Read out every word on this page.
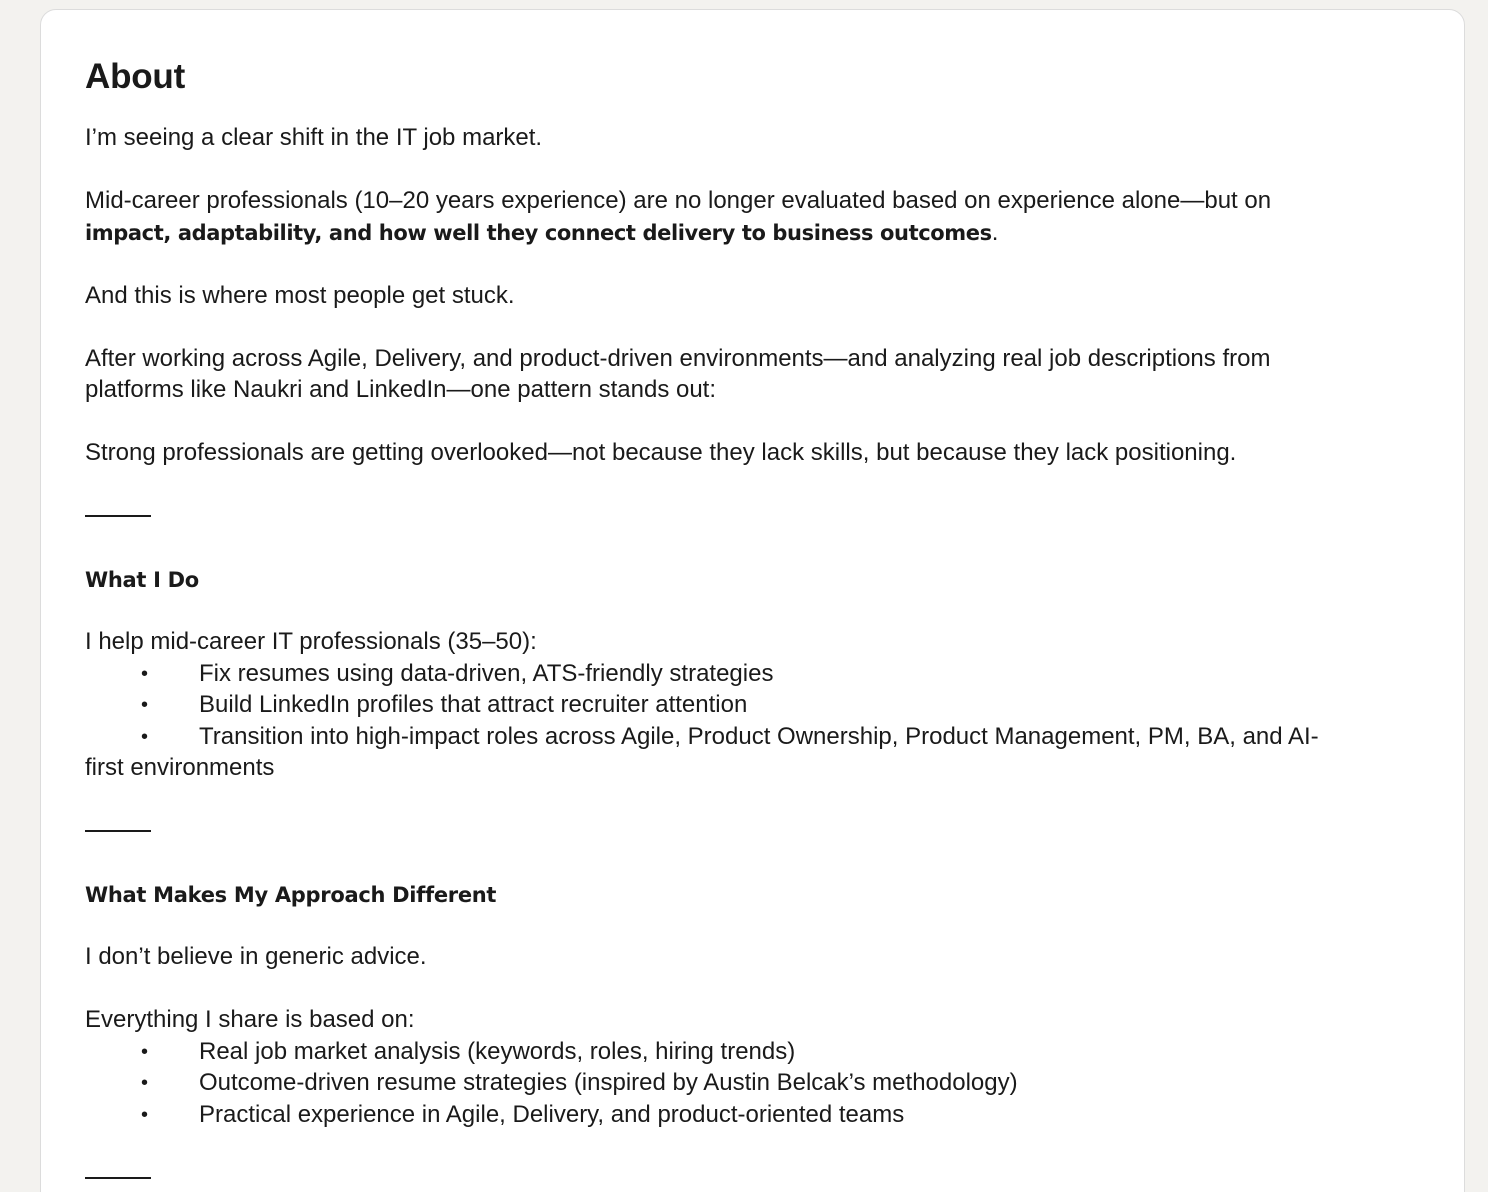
About
I’m seeing a clear shift in the IT job market.
Mid-career professionals (10–20 years experience) are no longer evaluated based on experience alone—but on
impact, adaptability, and how well they connect delivery to business outcomes.
And this is where most people get stuck.
After working across Agile, Delivery, and product-driven environments—and analyzing real job descriptions from
platforms like Naukri and LinkedIn—one pattern stands out:
Strong professionals are getting overlooked—not because they lack skills, but because they lack positioning.
What I Do
I help mid-career IT professionals (35–50):
• Fix resumes using data-driven, ATS-friendly strategies
• Build LinkedIn profiles that attract recruiter attention
• Transition into high-impact roles across Agile, Product Ownership, Product Management, PM, BA, and AI-
first environments
What Makes My Approach Different
I don’t believe in generic advice.
Everything I share is based on:
• Real job market analysis (keywords, roles, hiring trends)
• Outcome-driven resume strategies (inspired by Austin Belcak’s methodology)
• Practical experience in Agile, Delivery, and product-oriented teams
